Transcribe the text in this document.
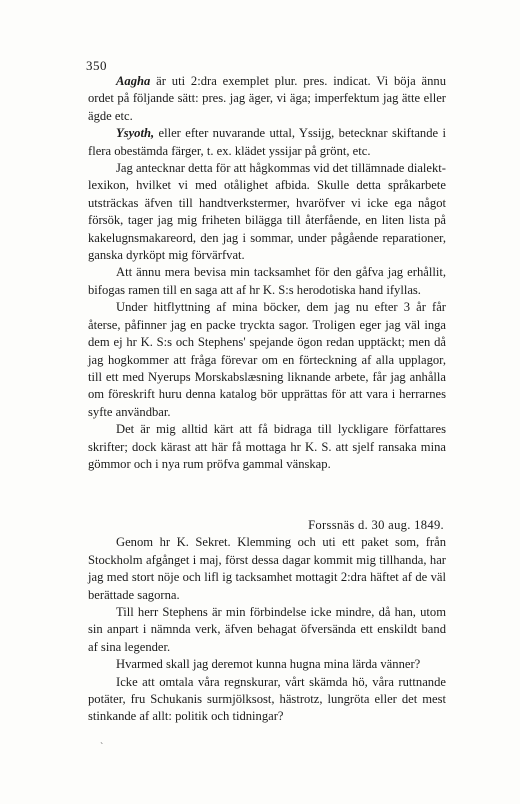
350

Aagha är uti 2:dra exemplet plur. pres. indicat. Vi böja ännu ordet på följande sätt: pres. jag äger, vi äga; imperfektum jag ätte eller ägde etc.

Ysyoth, eller efter nuvarande uttal, Yssijg, betecknar skiftande i flera obestämda färger, t. ex. klädet yssijar på grönt, etc.

Jag antecknar detta för att hågkommas vid det tillämnade dialekt-lexikon, hvilket vi med otålighet afbida. Skulle detta språkarbete utsträckas äfven till handtverkstermer, hvaröfver vi icke ega något försök, tager jag mig friheten bilägga till återfående, en liten lista på kakelugnsmakareord, den jag i sommar, under pågående reparationer, ganska dyrköpt mig förvärfvat.

Att ännu mera bevisa min tacksamhet för den gåfva jag erhållit, bifogas ramen till en saga att af hr K. S:s herodotiska hand ifyllas.

Under hitflyttning af mina böcker, dem jag nu efter 3 år får återse, påfinner jag en packe tryckta sagor. Troligen eger jag väl inga dem ej hr K. S:s och Stephens' spejande ögon redan upptäckt; men då jag hogkommer att fråga förevar om en förteckning af alla upplagor, till ett med Nyerups Morskabslæsning liknande arbete, får jag anhålla om föreskrift huru denna katalog bör upprättas för att vara i herrarnes syfte användbar.

Det är mig alltid kärt att få bidraga till lyckligare författares skrifter; dock kärast att här få mottaga hr K. S. att sjelf ransaka mina gömmor och i nya rum pröfva gammal vänskap.

Forssnäs d. 30 aug. 1849.

Genom hr K. Sekret. Klemming och uti ett paket som, från Stockholm afgånget i maj, först dessa dagar kommit mig tillhanda, har jag med stort nöje och lifl ig tacksamhet mottagit 2:dra häftet af de väl berättade sagorna.

Till herr Stephens är min förbindelse icke mindre, då han, utom sin anpart i nämnda verk, äfven behagat öfversända ett enskildt band af sina legender.

Hvarmed skall jag deremot kunna hugna mina lärda vänner?

Icke att omtala våra regnskurar, vårt skämda hö, våra ruttnande potäter, fru Schukanis surmjölksost, hästrotz, lungröta eller det mest stinkande af allt: politik och tidningar?

`
